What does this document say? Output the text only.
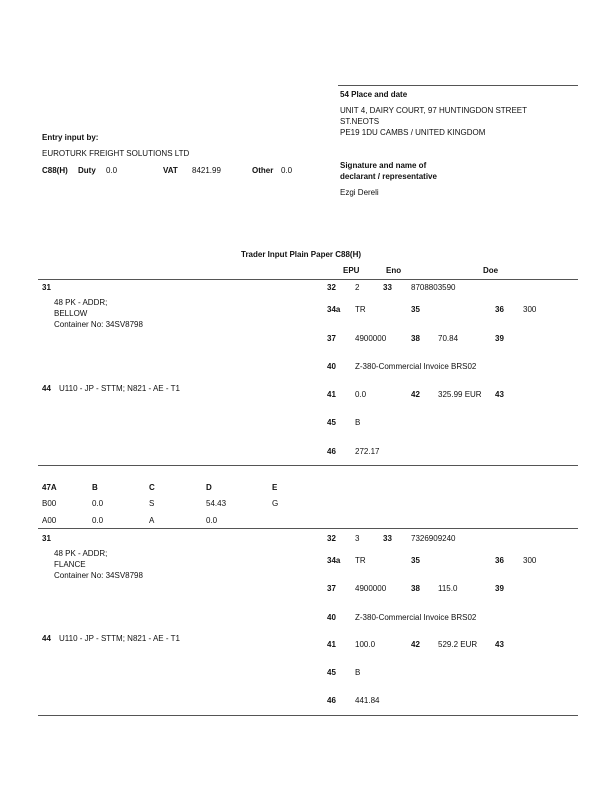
54 Place and date
UNIT 4, DAIRY COURT, 97 HUNTINGDON STREET
ST.NEOTS
PE19 1DU CAMBS / UNITED KINGDOM
Entry input by:
EUROTURK FREIGHT SOLUTIONS LTD
C88(H) Duty 0.0	VAT 8421.99	Other 0.0
Signature and name of
declarant / representative
Ezgi Dereli
Trader Input Plain Paper C88(H)
EPU	Eno	Doe
31
48 PK - ADDR;
BELLOW
Container No: 34SV8798
44 U110 - JP - STTM; N821 - AE - T1
32 2	33 8708803590
34a TR	35	36 300
37 4900000	38 70.84	39
40 Z-380-Commercial Invoice BRS02
41 0.0	42 325.99 EUR 43
45 B
46 272.17
47A	B	C	D	E
B00	0.0	S	54.43	G
A00	0.0	A	0.0
31
48 PK - ADDR;
FLANCE
Container No: 34SV8798
44 U110 - JP - STTM; N821 - AE - T1
32 3	33 7326909240
34a TR	35	36 300
37 4900000	38 115.0	39
40 Z-380-Commercial Invoice BRS02
41 100.0	42 529.2 EUR 43
45 B
46 441.84
